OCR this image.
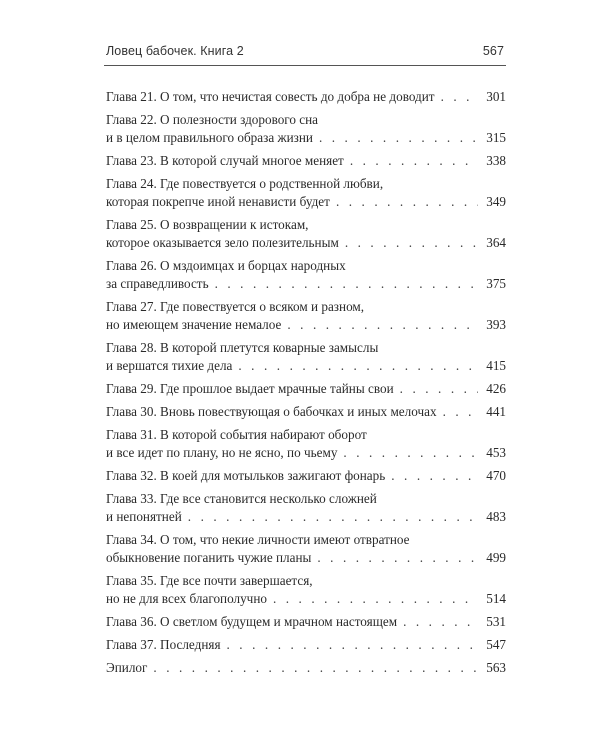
Ловец бабочек. Книга 2	567
Глава 21. О том, что нечистая совесть до добра не доводит . . .	301
Глава 22. О полезности здорового сна
и в целом правильного образа жизни . . .	315
Глава 23. В которой случай многое меняет . . .	338
Глава 24. Где повествуется о родственной любви,
которая покрепче иной ненависти будет . . .	349
Глава 25. О возвращении к истокам,
которое оказывается зело полезительным . . .	364
Глава 26. О мздоимцах и борцах народных
за справедливость . . .	375
Глава 27. Где повествуется о всяком и разном,
но имеющем значение немалое . . .	393
Глава 28. В которой плетутся коварные замыслы
и вершатся тихие дела . . .	415
Глава 29. Где прошлое выдает мрачные тайны свои . . .	426
Глава 30. Вновь повествующая о бабочках и иных мелочах . . .	441
Глава 31. В которой события набирают оборот
и все идет по плану, но не ясно, по чьему . . .	453
Глава 32. В коей для мотыльков зажигают фонарь . . .	470
Глава 33. Где все становится несколько сложней
и непонятней . . .	483
Глава 34. О том, что некие личности имеют отвратное
обыкновение поганить чужие планы . . .	499
Глава 35. Где все почти завершается,
но не для всех благополучно . . .	514
Глава 36. О светлом будущем и мрачном настоящем . . .	531
Глава 37. Последняя . . .	547
Эпилог . . .	563
